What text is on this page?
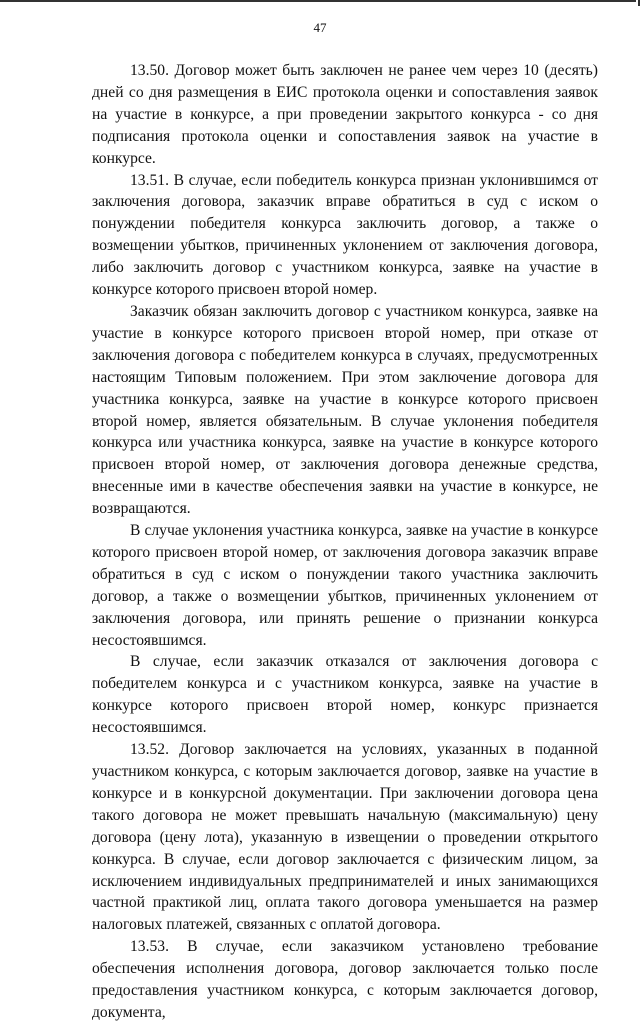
47

13.50. Договор может быть заключен не ранее чем через 10 (десять) дней со дня размещения в ЕИС протокола оценки и сопоставления заявок на участие в конкурсе, а при проведении закрытого конкурса - со дня подписания протокола оценки и сопоставления заявок на участие в конкурсе.

13.51. В случае, если победитель конкурса признан уклонившимся от заключения договора, заказчик вправе обратиться в суд с иском о понуждении победителя конкурса заключить договор, а также о возмещении убытков, причиненных уклонением от заключения договора, либо заключить договор с участником конкурса, заявке на участие в конкурсе которого присвоен второй номер.

Заказчик обязан заключить договор с участником конкурса, заявке на участие в конкурсе которого присвоен второй номер, при отказе от заключения договора с победителем конкурса в случаях, предусмотренных настоящим Типовым положением. При этом заключение договора для участника конкурса, заявке на участие в конкурсе которого присвоен второй номер, является обязательным. В случае уклонения победителя конкурса или участника конкурса, заявке на участие в конкурсе которого присвоен второй номер, от заключения договора денежные средства, внесенные ими в качестве обеспечения заявки на участие в конкурсе, не возвращаются.

В случае уклонения участника конкурса, заявке на участие в конкурсе которого присвоен второй номер, от заключения договора заказчик вправе обратиться в суд с иском о понуждении такого участника заключить договор, а также о возмещении убытков, причиненных уклонением от заключения договора, или принять решение о признании конкурса несостоявшимся.

В случае, если заказчик отказался от заключения договора с победителем конкурса и с участником конкурса, заявке на участие в конкурсе которого присвоен второй номер, конкурс признается несостоявшимся.

13.52. Договор заключается на условиях, указанных в поданной участником конкурса, с которым заключается договор, заявке на участие в конкурсе и в конкурсной документации. При заключении договора цена такого договора не может превышать начальную (максимальную) цену договора (цену лота), указанную в извещении о проведении открытого конкурса. В случае, если договор заключается с физическим лицом, за исключением индивидуальных предпринимателей и иных занимающихся частной практикой лиц, оплата такого договора уменьшается на размер налоговых платежей, связанных с оплатой договора.

13.53. В случае, если заказчиком установлено требование обеспечения исполнения договора, договор заключается только после предоставления участником конкурса, с которым заключается договор, документа,
